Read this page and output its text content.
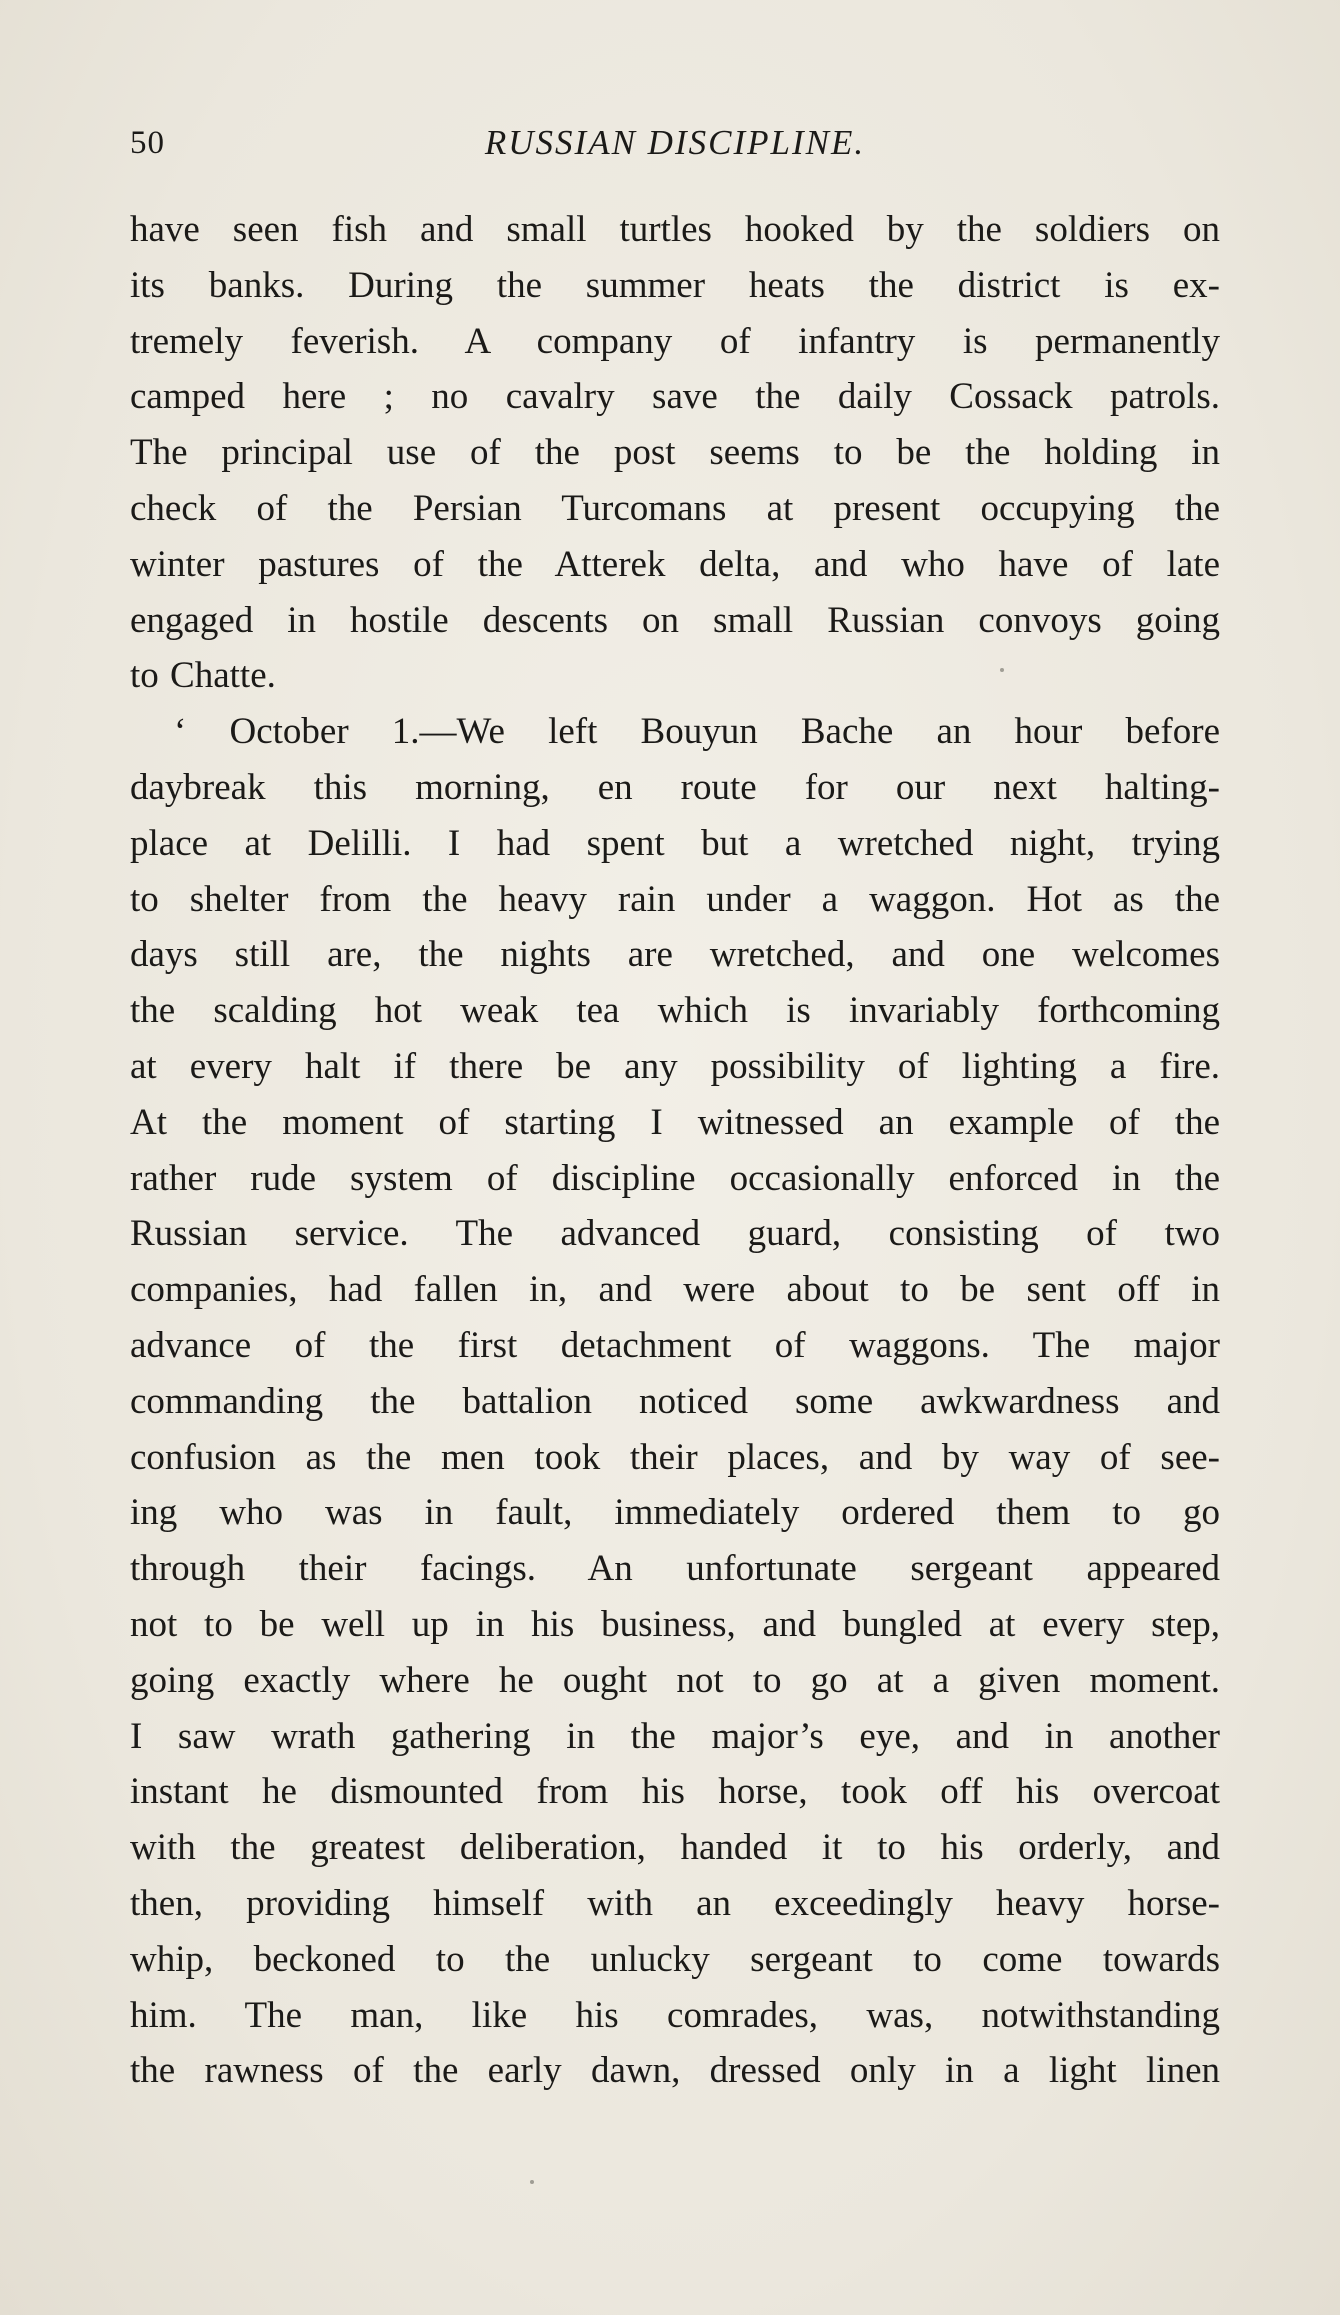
50	RUSSIAN DISCIPLINE.
have seen fish and small turtles hooked by the soldiers on
its banks. During the summer heats the district is ex-
tremely feverish. A company of infantry is permanently
camped here ; no cavalry save the daily Cossack patrols.
The principal use of the post seems to be the holding in
check of the Persian Turcomans at present occupying the
winter pastures of the Atterek delta, and who have of late
engaged in hostile descents on small Russian convoys going
to Chatte.
‘ October 1.—We left Bouyun Bache an hour before
daybreak this morning, en route for our next halting-
place at Delilli. I had spent but a wretched night, trying
to shelter from the heavy rain under a waggon. Hot as the
days still are, the nights are wretched, and one welcomes
the scalding hot weak tea which is invariably forthcoming
at every halt if there be any possibility of lighting a fire.
At the moment of starting I witnessed an example of the
rather rude system of discipline occasionally enforced in the
Russian service. The advanced guard, consisting of two
companies, had fallen in, and were about to be sent off in
advance of the first detachment of waggons. The major
commanding the battalion noticed some awkwardness and
confusion as the men took their places, and by way of see-
ing who was in fault, immediately ordered them to go
through their facings. An unfortunate sergeant appeared
not to be well up in his business, and bungled at every step,
going exactly where he ought not to go at a given moment.
I saw wrath gathering in the major’s eye, and in another
instant he dismounted from his horse, took off his overcoat
with the greatest deliberation, handed it to his orderly, and
then, providing himself with an exceedingly heavy horse-
whip, beckoned to the unlucky sergeant to come towards
him. The man, like his comrades, was, notwithstanding
the rawness of the early dawn, dressed only in a light linen
